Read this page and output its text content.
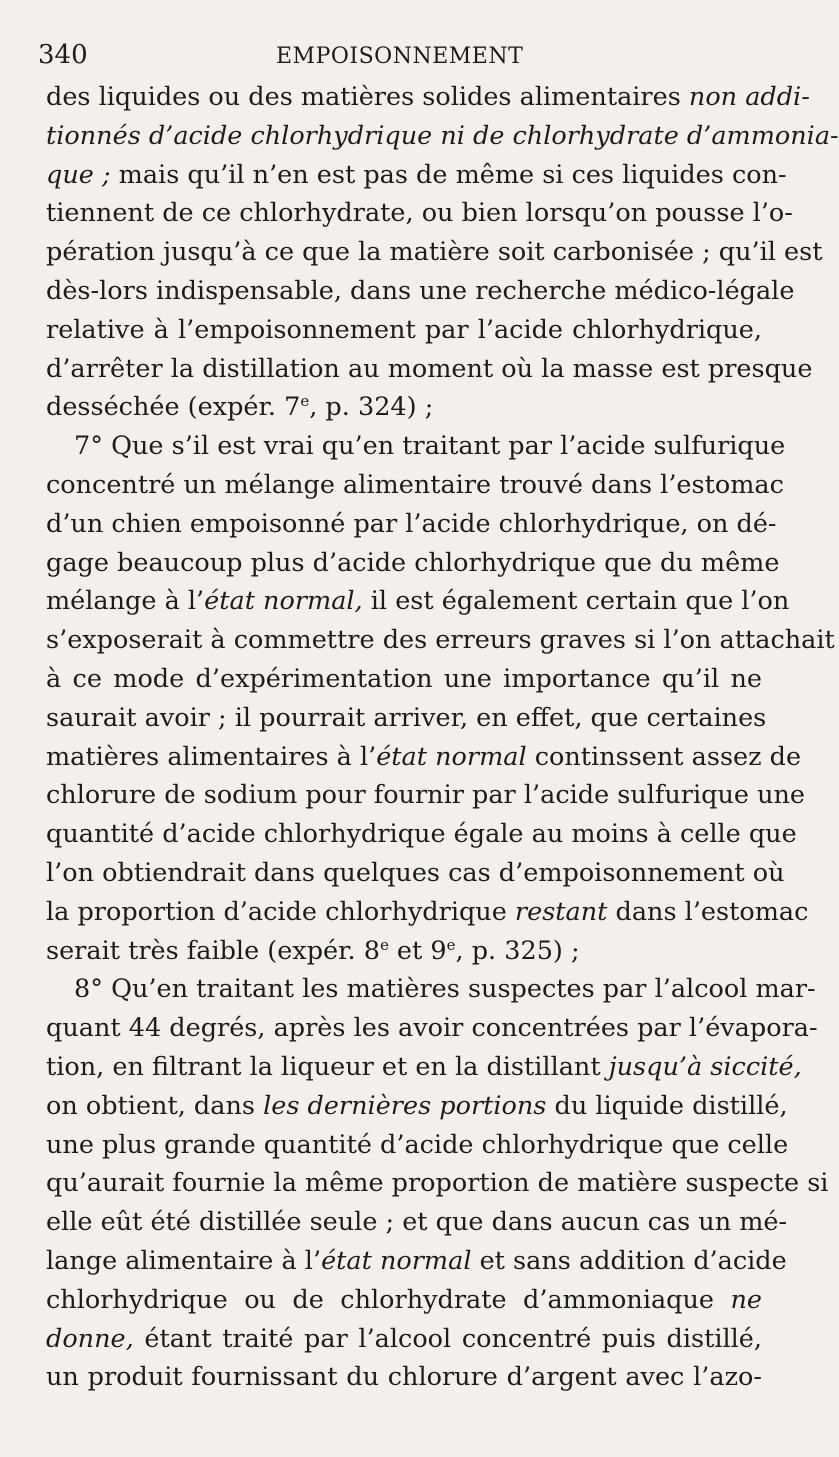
340	EMPOISONNEMENT
des liquides ou des matières solides alimentaires non addi-
tionnés d’acide chlorhydrique ni de chlorhydrate d’ammonia-
que ; mais qu’il n’en est pas de même si ces liquides con-
tiennent de ce chlorhydrate, ou bien lorsqu’on pousse l’o-
pération jusqu’à ce que la matière soit carbonisée ; qu’il est
dès-lors indispensable, dans une recherche médico-légale
relative à l’empoisonnement par l’acide chlorhydrique,
d’arrêter la distillation au moment où la masse est presque
desséchée (expér. 7e, p. 324) ;
7° Que s’il est vrai qu’en traitant par l’acide sulfurique
concentré un mélange alimentaire trouvé dans l’estomac
d’un chien empoisonné par l’acide chlorhydrique, on dé-
gage beaucoup plus d’acide chlorhydrique que du même
mélange à l’état normal, il est également certain que l’on
s’exposerait à commettre des erreurs graves si l’on attachait
à ce mode d’expérimentation une importance qu’il ne
saurait avoir ; il pourrait arriver, en effet, que certaines
matières alimentaires à l’état normal continssent assez de
chlorure de sodium pour fournir par l’acide sulfurique une
quantité d’acide chlorhydrique égale au moins à celle que
l’on obtiendrait dans quelques cas d’empoisonnement où
la proportion d’acide chlorhydrique restant dans l’estomac
serait très faible (expér. 8e et 9e, p. 325) ;
8° Qu’en traitant les matières suspectes par l’alcool mar-
quant 44 degrés, après les avoir concentrées par l’évapora-
tion, en filtrant la liqueur et en la distillant jusqu’à siccité,
on obtient, dans les dernières portions du liquide distillé,
une plus grande quantité d’acide chlorhydrique que celle
qu’aurait fournie la même proportion de matière suspecte si
elle eût été distillée seule ; et que dans aucun cas un mé-
lange alimentaire à l’état normal et sans addition d’acide
chlorhydrique ou de chlorhydrate d’ammoniaque ne
donne, étant traité par l’alcool concentré puis distillé,
un produit fournissant du chlorure d’argent avec l’azo-
